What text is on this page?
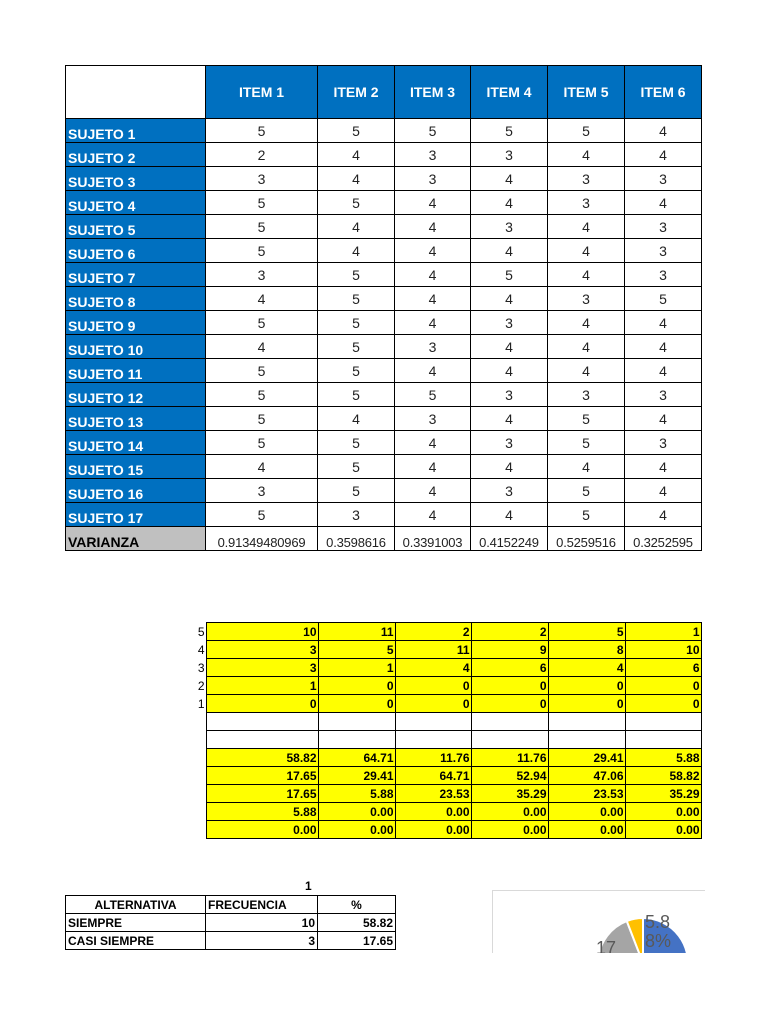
	ITEM 1	ITEM 2	ITEM 3	ITEM 4	ITEM 5	ITEM 6
SUJETO 1	5	5	5	5	5	4
SUJETO 2	2	4	3	3	4	4
SUJETO 3	3	4	3	4	3	3
SUJETO 4	5	5	4	4	3	4
SUJETO 5	5	4	4	3	4	3
SUJETO 6	5	4	4	4	4	3
SUJETO 7	3	5	4	5	4	3
SUJETO 8	4	5	4	4	3	5
SUJETO 9	5	5	4	3	4	4
SUJETO 10	4	5	3	4	4	4
SUJETO 11	5	5	4	4	4	4
SUJETO 12	5	5	5	3	3	3
SUJETO 13	5	4	3	4	5	4
SUJETO 14	5	5	4	3	5	3
SUJETO 15	4	5	4	4	4	4
SUJETO 16	3	5	4	3	5	4
SUJETO 17	5	3	4	4	5	4
VARIANZA	0.91349480969	0.3598616	0.3391003	0.4152249	0.5259516	0.3252595
5	10	11	2	2	5	1
4	3	5	11	9	8	10
3	3	1	4	6	4	6
2	1	0	0	0	0	0
1	0	0	0	0	0	0

	58.82	64.71	11.76	11.76	29.41	5.88
	17.65	29.41	64.71	52.94	47.06	58.82
	17.65	5.88	23.53	35.29	23.53	35.29
	5.88	0.00	0.00	0.00	0.00	0.00
	0.00	0.00	0.00	0.00	0.00	0.00
1
ALTERNATIVA	FRECUENCIA	%
SIEMPRE	10	58.82
CASI SIEMPRE	3	17.65
5.8
8%
17
